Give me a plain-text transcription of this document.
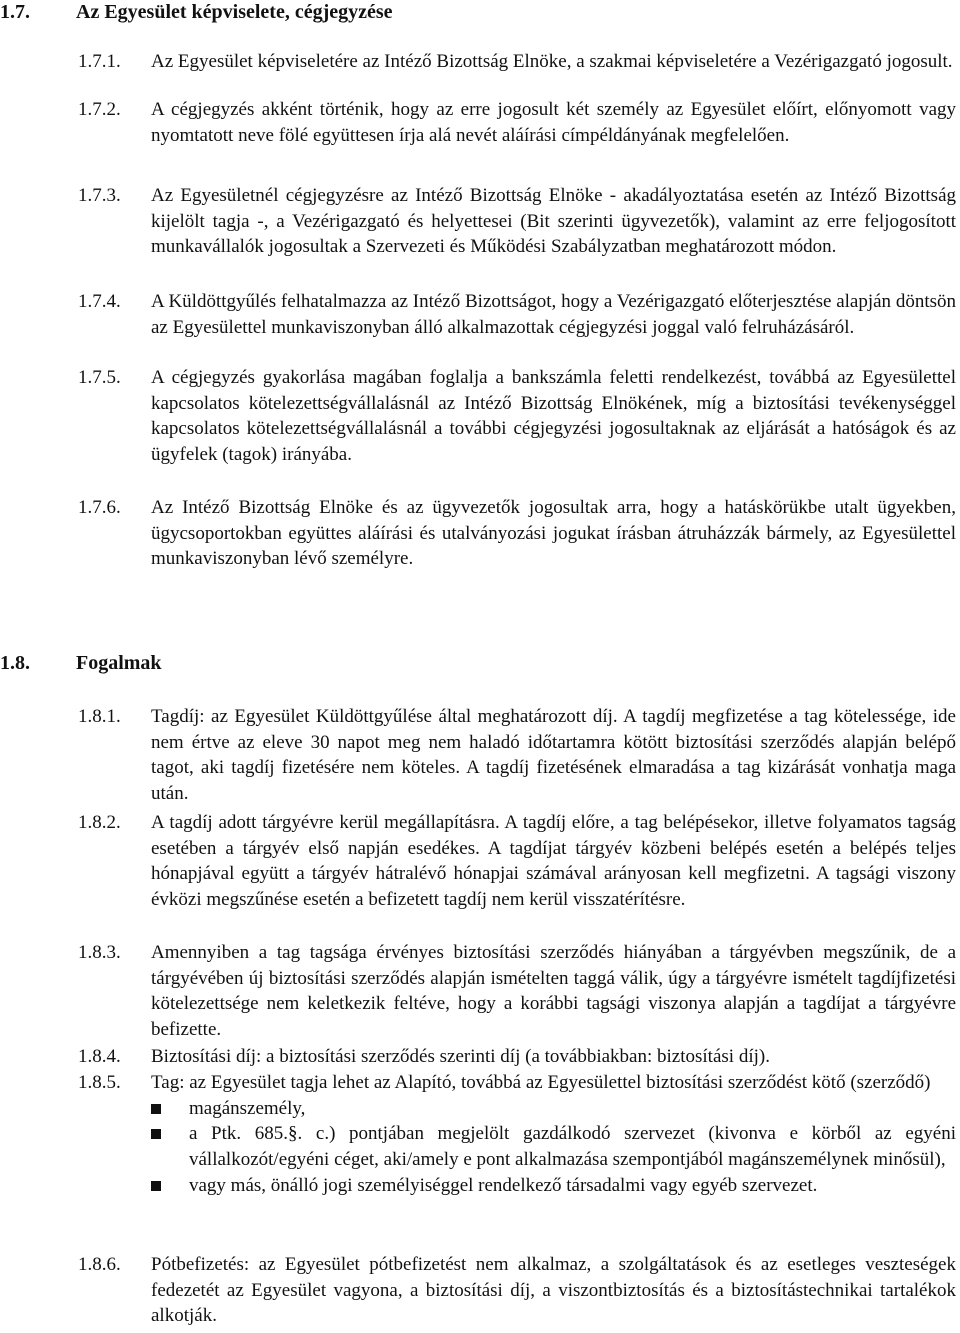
1.7. Az Egyesület képviselete, cégjegyzése
1.7.1. Az Egyesület képviseletére az Intéző Bizottság Elnöke, a szakmai képviseletére a Vezérigazgató jogosult.
1.7.2. A cégjegyzés akként történik, hogy az erre jogosult két személy az Egyesület előírt, előnyomott vagy nyomtatott neve fölé együttesen írja alá nevét aláírási címpéldányának megfelelően.
1.7.3. Az Egyesületnél cégjegyzésre az Intéző Bizottság Elnöke - akadályoztatása esetén az Intéző Bizottság kijelölt tagja -, a Vezérigazgató és helyettesei (Bit szerinti ügyvezetők), valamint az erre feljogosított munkavállalók jogosultak a Szervezeti és Működési Szabályzatban meghatározott módon.
1.7.4. A Küldöttgyűlés felhatalmazza az Intéző Bizottságot, hogy a Vezérigazgató előterjesztése alapján döntsön az Egyesülettel munkaviszonyban álló alkalmazottak cégjegyzési joggal való felruházásáról.
1.7.5. A cégjegyzés gyakorlása magában foglalja a bankszámla feletti rendelkezést, továbbá az Egyesülettel kapcsolatos kötelezettségvállalásnál az Intéző Bizottság Elnökének, míg a biztosítási tevékenységgel kapcsolatos kötelezettségvállalásnál a további cégjegyzési jogosultaknak az eljárását a hatóságok és az ügyfelek (tagok) irányába.
1.7.6. Az Intéző Bizottság Elnöke és az ügyvezetők jogosultak arra, hogy a hatáskörükbe utalt ügyekben, ügycsoportokban együttes aláírási és utalványozási jogukat írásban átruházzák bármely, az Egyesülettel munkaviszonyban lévő személyre.
1.8. Fogalmak
1.8.1. Tagdíj: az Egyesület Küldöttgyűlése által meghatározott díj. A tagdíj megfizetése a tag kötelessége, ide nem értve az eleve 30 napot meg nem haladó időtartamra kötött biztosítási szerződés alapján belépő tagot, aki tagdíj fizetésére nem köteles. A tagdíj fizetésének elmaradása a tag kizárását vonhatja maga után.
1.8.2. A tagdíj adott tárgyévre kerül megállapításra. A tagdíj előre, a tag belépésekor, illetve folyamatos tagság esetében a tárgyév első napján esedékes. A tagdíjat tárgyév közbeni belépés esetén a belépés teljes hónapjával együtt a tárgyév hátralévő hónapjai számával arányosan kell megfizetni. A tagsági viszony évközi megszűnése esetén a befizetett tagdíj nem kerül visszatérítésre.
1.8.3. Amennyiben a tag tagsága érvényes biztosítási szerződés hiányában a tárgyévben megszűnik, de a tárgyévében új biztosítási szerződés alapján ismételten taggá válik, úgy a tárgyévre ismételt tagdíjfizetési kötelezettsége nem keletkezik feltéve, hogy a korábbi tagsági viszonya alapján a tagdíjat a tárgyévre befizette.
1.8.4. Biztosítási díj: a biztosítási szerződés szerinti díj (a továbbiakban: biztosítási díj).
1.8.5. Tag: az Egyesület tagja lehet az Alapító, továbbá az Egyesülettel biztosítási szerződést kötő (szerződő)
magánszemély,
a Ptk. 685.§. c.) pontjában megjelölt gazdálkodó szervezet (kivonva e körből az egyéni vállalkozót/egyéni céget, aki/amely e pont alkalmazása szempontjából magánszemélynek minősül),
vagy más, önálló jogi személyiséggel rendelkező társadalmi vagy egyéb szervezet.
1.8.6. Pótbefizetés: az Egyesület pótbefizetést nem alkalmaz, a szolgáltatások és az esetleges veszteségek fedezetét az Egyesület vagyona, a biztosítási díj, a viszontbiztosítás és a biztosítástechnikai tartalékok alkotják.
